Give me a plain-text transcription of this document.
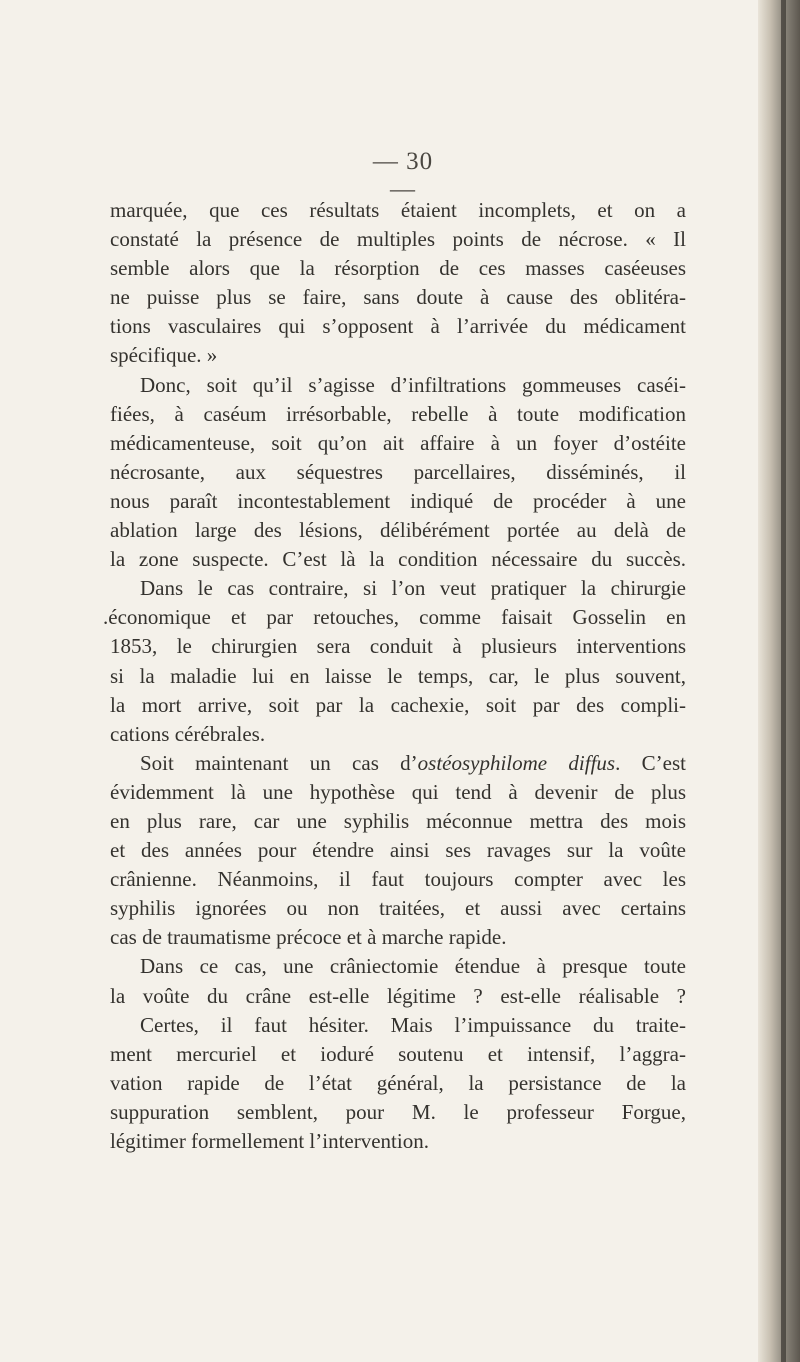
— 30 —
marquée, que ces résultats étaient incomplets, et on a
constaté la présence de multiples points de nécrose. « Il
semble alors que la résorption de ces masses caséeuses
ne puisse plus se faire, sans doute à cause des oblitéra-
tions vasculaires qui s’opposent à l’arrivée du médicament
spécifique. »
Donc, soit qu’il s’agisse d’infiltrations gommeuses caséi-
fiées, à caséum irrésorbable, rebelle à toute modification
médicamenteuse, soit qu’on ait affaire à un foyer d’ostéite
nécrosante, aux séquestres parcellaires, disséminés, il
nous paraît incontestablement indiqué de procéder à une
ablation large des lésions, délibérément portée au delà de
la zone suspecte. C’est là la condition nécessaire du succès.
Dans le cas contraire, si l’on veut pratiquer la chirurgie
.économique et par retouches, comme faisait Gosselin en
1853, le chirurgien sera conduit à plusieurs interventions
si la maladie lui en laisse le temps, car, le plus souvent,
la mort arrive, soit par la cachexie, soit par des compli-
cations cérébrales.
Soit maintenant un cas d’ostéosyphilome diffus. C’est
évidemment là une hypothèse qui tend à devenir de plus
en plus rare, car une syphilis méconnue mettra des mois
et des années pour étendre ainsi ses ravages sur la voûte
crânienne. Néanmoins, il faut toujours compter avec les
syphilis ignorées ou non traitées, et aussi avec certains
cas de traumatisme précoce et à marche rapide.
Dans ce cas, une crâniectomie étendue à presque toute
la voûte du crâne est-elle légitime ? est-elle réalisable ?
Certes, il faut hésiter. Mais l’impuissance du traite-
ment mercuriel et ioduré soutenu et intensif, l’aggra-
vation rapide de l’état général, la persistance de la
suppuration semblent, pour M. le professeur Forgue,
légitimer formellement l’intervention.
